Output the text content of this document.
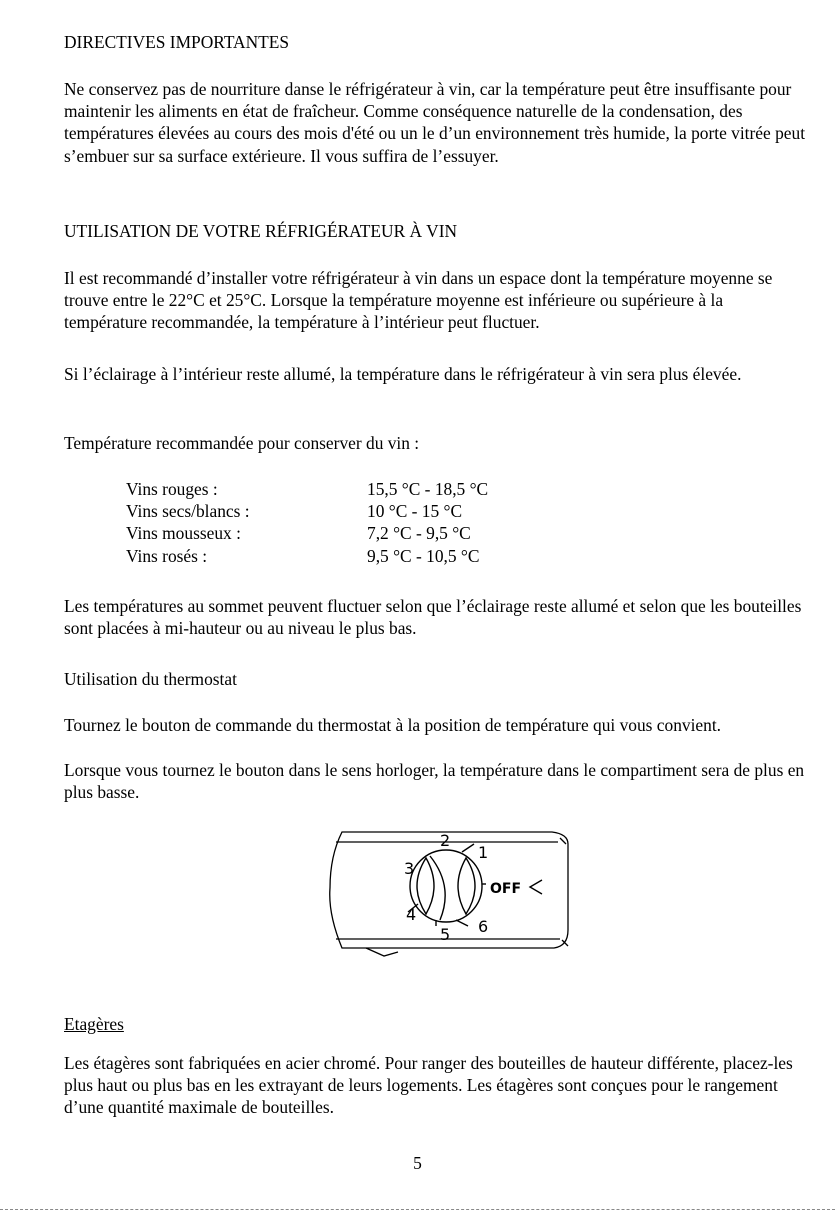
DIRECTIVES IMPORTANTES

Ne conservez pas de nourriture danse le réfrigérateur à vin, car la température peut être insuffisante pour maintenir les aliments en état de fraîcheur. Comme conséquence naturelle de la condensation, des températures élevées au cours des mois d'été ou un le d’un environnement très humide, la porte vitrée peut s’embuer sur sa surface extérieure. Il vous suffira de l’essuyer.

UTILISATION DE VOTRE RÉFRIGÉRATEUR À VIN

Il est recommandé d’installer votre réfrigérateur à vin dans un espace dont la température moyenne se trouve entre le 22°C et 25°C. Lorsque la température moyenne est inférieure ou supérieure à la température recommandée, la température à l’intérieur peut fluctuer.

Si l’éclairage à l’intérieur reste allumé, la température dans le réfrigérateur à vin sera plus élevée.

Température recommandée pour conserver du vin :

Vins rouges :	15,5 °C - 18,5 °C
Vins secs/blancs :	10 °C - 15 °C
Vins mousseux :	7,2 °C - 9,5 °C
Vins rosés :	9,5 °C - 10,5 °C

Les températures au sommet peuvent fluctuer selon que l’éclairage reste allumé et selon que les bouteilles sont placées à mi-hauteur ou au niveau le plus bas.

Utilisation du thermostat

Tournez le bouton de commande du thermostat à la position de température qui vous convient.

Lorsque vous tournez le bouton dans le sens horloger, la température dans le compartiment sera de plus en plus basse.

1
2
3
4
5 6
OFF
Etagères

Les étagères sont fabriquées en acier chromé. Pour ranger des bouteilles de hauteur différente, placez-les plus haut ou plus bas en les extrayant de leurs logements. Les étagères sont conçues pour le rangement d’une quantité maximale de bouteilles.

5
